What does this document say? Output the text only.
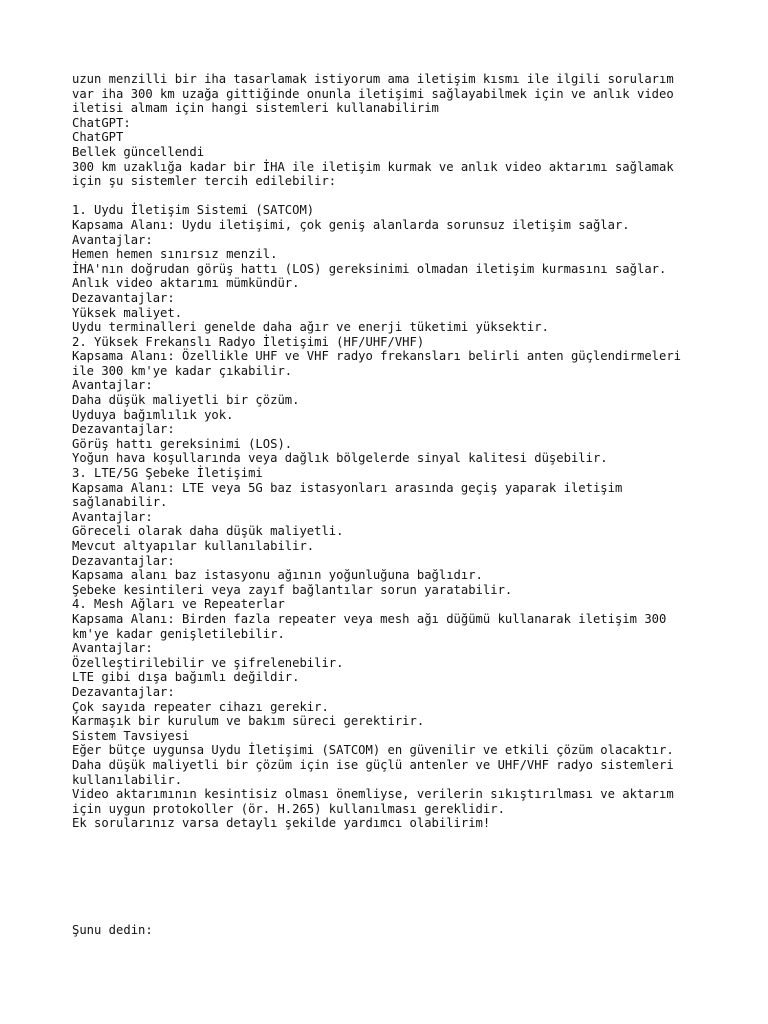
uzun menzilli bir iha tasarlamak istiyorum ama iletişim kısmı ile ilgili sorularım
var iha 300 km uzağa gittiğinde onunla iletişimi sağlayabilmek için ve anlık video
iletisi almam için hangi sistemleri kullanabilirim
ChatGPT:
ChatGPT
Bellek güncellendi
300 km uzaklığa kadar bir İHA ile iletişim kurmak ve anlık video aktarımı sağlamak
için şu sistemler tercih edilebilir:
1. Uydu İletişim Sistemi (SATCOM)
Kapsama Alanı: Uydu iletişimi, çok geniş alanlarda sorunsuz iletişim sağlar.
Avantajlar:
Hemen hemen sınırsız menzil.
İHA'nın doğrudan görüş hattı (LOS) gereksinimi olmadan iletişim kurmasını sağlar.
Anlık video aktarımı mümkündür.
Dezavantajlar:
Yüksek maliyet.
Uydu terminalleri genelde daha ağır ve enerji tüketimi yüksektir.
2. Yüksek Frekanslı Radyo İletişimi (HF/UHF/VHF)
Kapsama Alanı: Özellikle UHF ve VHF radyo frekansları belirli anten güçlendirmeleri
ile 300 km'ye kadar çıkabilir.
Avantajlar:
Daha düşük maliyetli bir çözüm.
Uyduya bağımlılık yok.
Dezavantajlar:
Görüş hattı gereksinimi (LOS).
Yoğun hava koşullarında veya dağlık bölgelerde sinyal kalitesi düşebilir.
3. LTE/5G Şebeke İletişimi
Kapsama Alanı: LTE veya 5G baz istasyonları arasında geçiş yaparak iletişim
sağlanabilir.
Avantajlar:
Göreceli olarak daha düşük maliyetli.
Mevcut altyapılar kullanılabilir.
Dezavantajlar:
Kapsama alanı baz istasyonu ağının yoğunluğuna bağlıdır.
Şebeke kesintileri veya zayıf bağlantılar sorun yaratabilir.
4. Mesh Ağları ve Repeaterlar
Kapsama Alanı: Birden fazla repeater veya mesh ağı düğümü kullanarak iletişim 300
km'ye kadar genişletilebilir.
Avantajlar:
Özelleştirilebilir ve şifrelenebilir.
LTE gibi dışa bağımlı değildir.
Dezavantajlar:
Çok sayıda repeater cihazı gerekir.
Karmaşık bir kurulum ve bakım süreci gerektirir.
Sistem Tavsiyesi
Eğer bütçe uygunsa Uydu İletişimi (SATCOM) en güvenilir ve etkili çözüm olacaktır.
Daha düşük maliyetli bir çözüm için ise güçlü antenler ve UHF/VHF radyo sistemleri
kullanılabilir.
Video aktarımının kesintisiz olması önemliyse, verilerin sıkıştırılması ve aktarım
için uygun protokoller (ör. H.265) kullanılması gereklidir.
Ek sorularınız varsa detaylı şekilde yardımcı olabilirim!
Şunu dedin:
